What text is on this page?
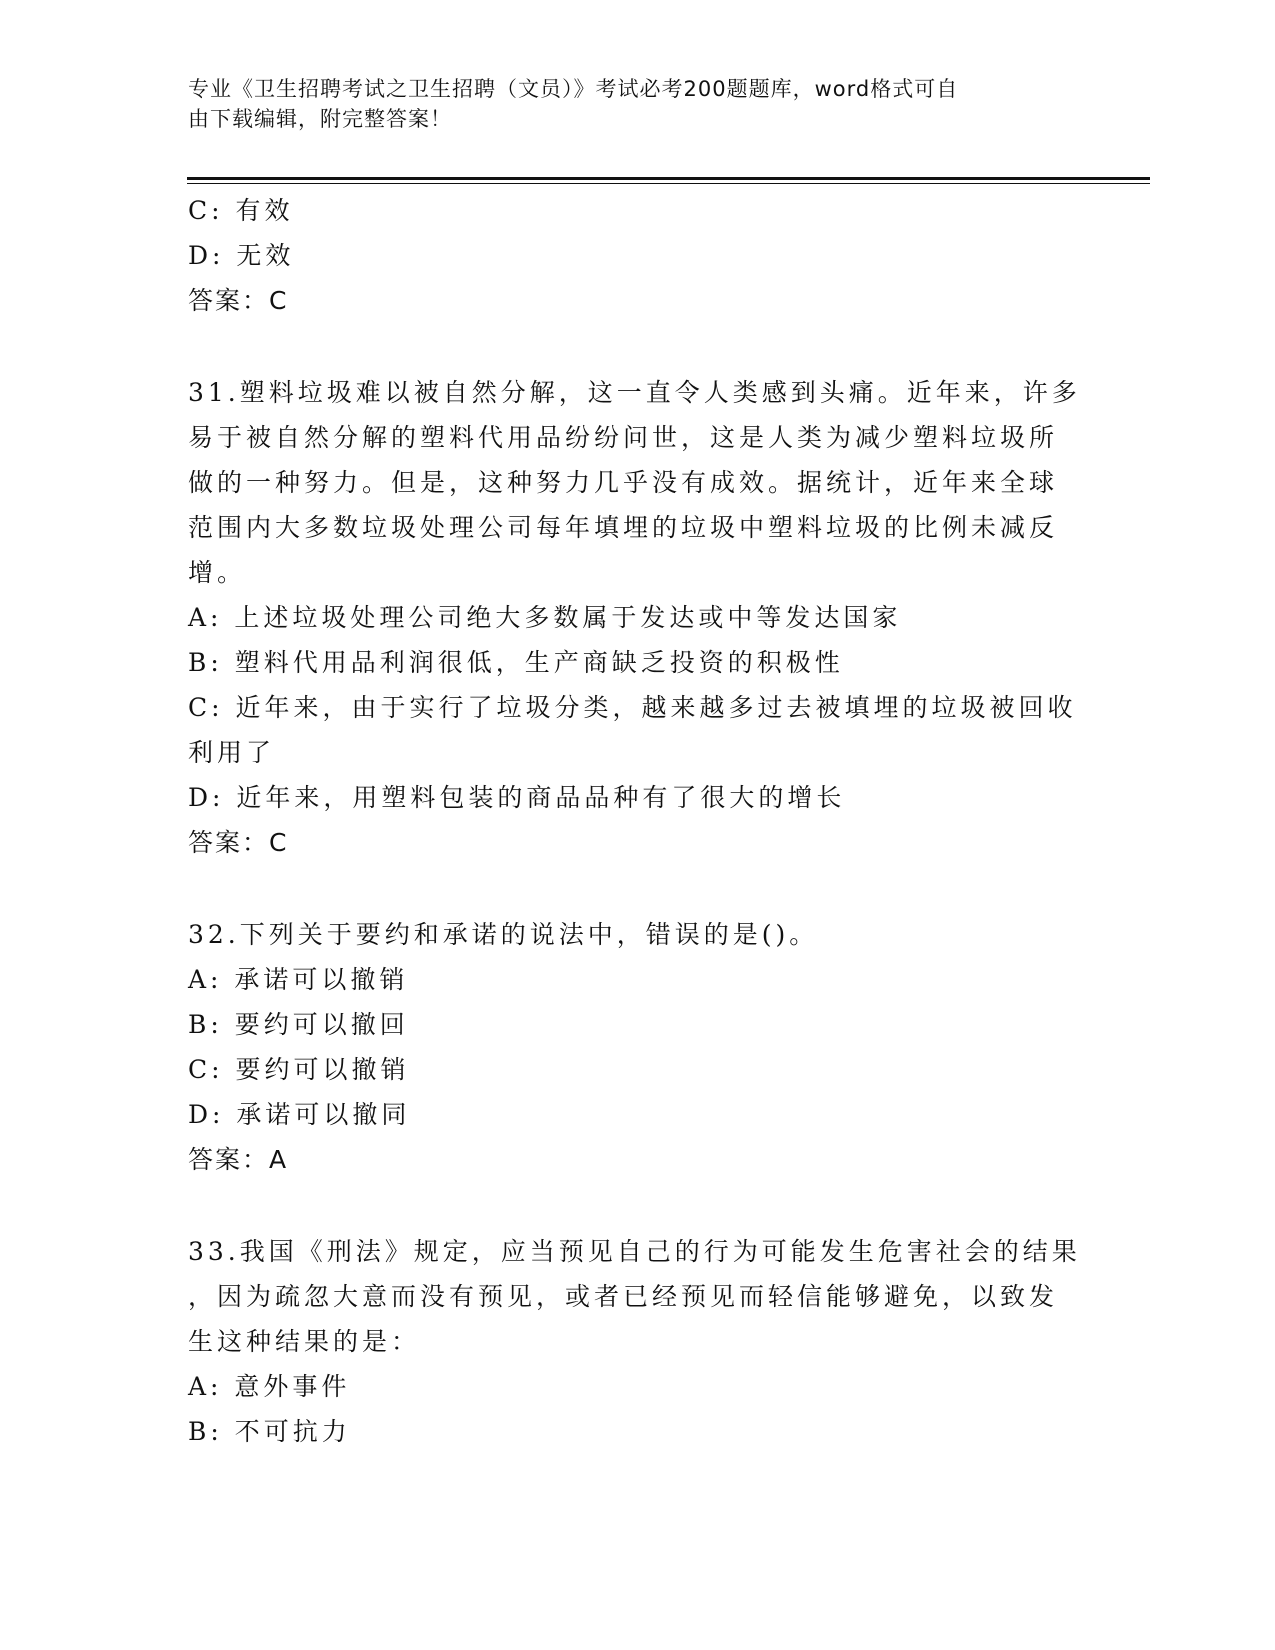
专业《卫生招聘考试之卫生招聘（文员）》考试必考200题题库，word格式可自
由下载编辑，附完整答案！
C: 有效
D: 无效
答案：C
31.塑料垃圾难以被自然分解，这一直令人类感到头痛。近年来，许多
易于被自然分解的塑料代用品纷纷问世，这是人类为减少塑料垃圾所
做的一种努力。但是，这种努力几乎没有成效。据统计，近年来全球
范围内大多数垃圾处理公司每年填埋的垃圾中塑料垃圾的比例未减反
增。
A: 上述垃圾处理公司绝大多数属于发达或中等发达国家
B: 塑料代用品利润很低，生产商缺乏投资的积极性
C: 近年来，由于实行了垃圾分类，越来越多过去被填埋的垃圾被回收
利用了
D: 近年来，用塑料包装的商品品种有了很大的增长
答案：C
32.下列关于要约和承诺的说法中，错误的是()。
A: 承诺可以撤销
B: 要约可以撤回
C: 要约可以撤销
D: 承诺可以撤同
答案：A
33.我国《刑法》规定，应当预见自己的行为可能发生危害社会的结果
，因为疏忽大意而没有预见，或者已经预见而轻信能够避免，以致发
生这种结果的是：
A: 意外事件
B: 不可抗力
